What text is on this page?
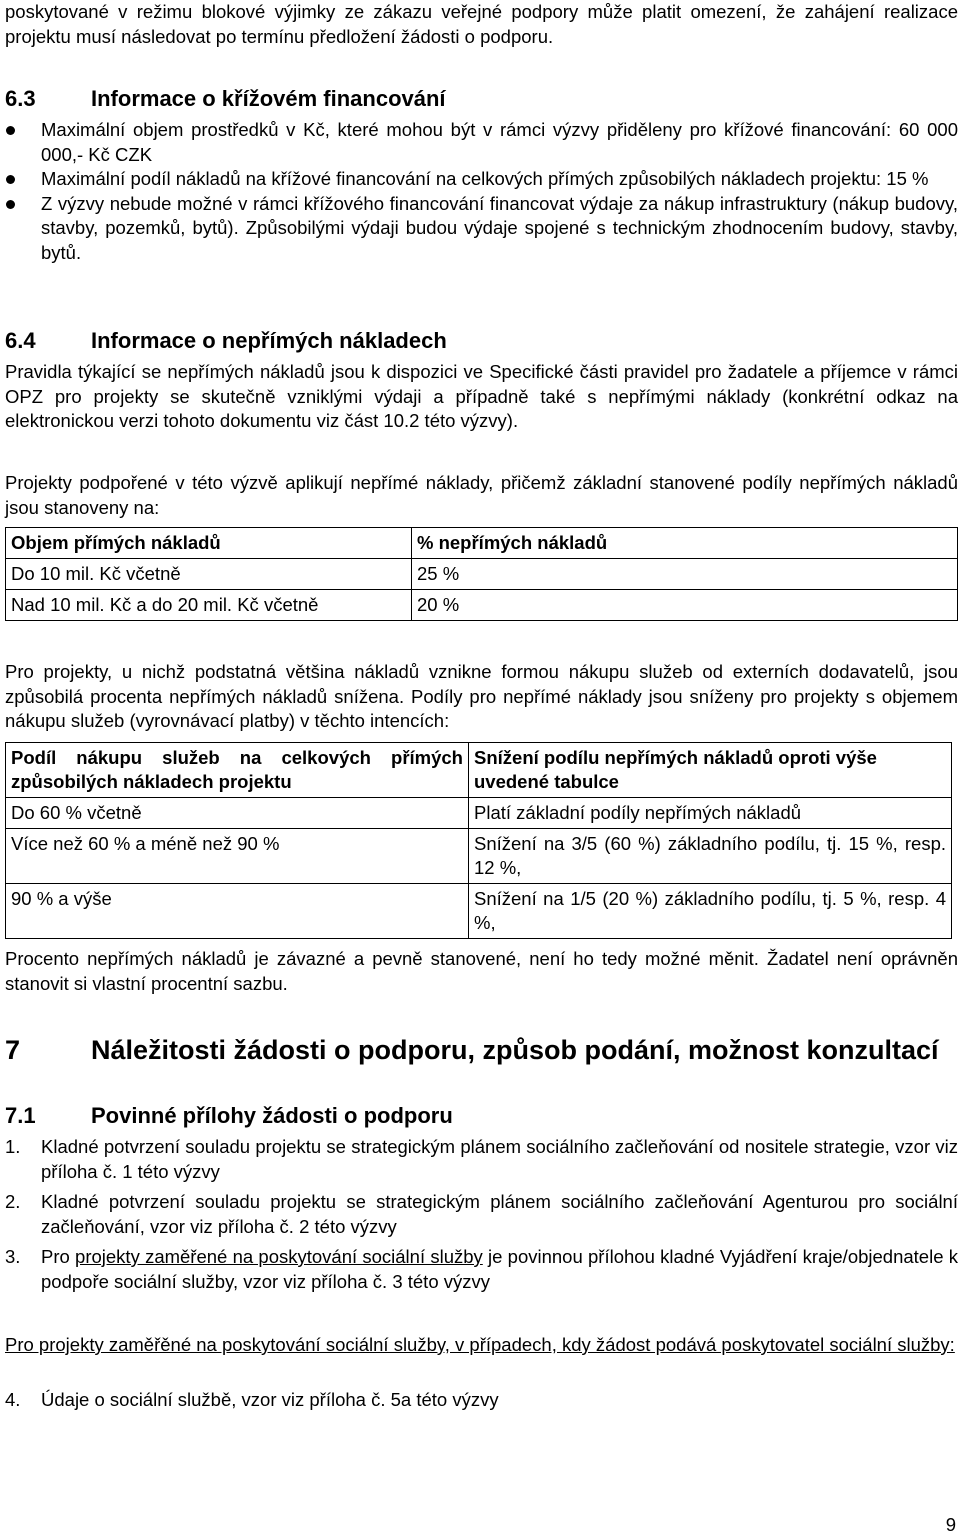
poskytované v režimu blokové výjimky ze zákazu veřejné podpory může platit omezení, že zahájení realizace projektu musí následovat po termínu předložení žádosti o podporu.

6.3	Informace o křížovém financování
Maximální objem prostředků v Kč, které mohou být v rámci výzvy přiděleny pro křížové financování: 60 000 000,- Kč CZK
Maximální podíl nákladů na křížové financování na celkových přímých způsobilých nákladech projektu: 15 %
Z výzvy nebude možné v rámci křížového financování financovat výdaje za nákup infrastruktury (nákup budovy, stavby, pozemků, bytů). Způsobilými výdaji budou výdaje spojené s technickým zhodnocením budovy, stavby, bytů.
6.4	Informace o nepřímých nákladech

Pravidla týkající se nepřímých nákladů jsou k dispozici ve Specifické části pravidel pro žadatele a příjemce v rámci OPZ pro projekty se skutečně vzniklými výdaji a případně také s nepřímými náklady (konkrétní odkaz na elektronickou verzi tohoto dokumentu viz část 10.2 této výzvy).

Projekty podpořené v této výzvě aplikují nepřímé náklady, přičemž základní stanovené podíly nepřímých nákladů jsou stanoveny na:

Objem přímých nákladů	% nepřímých nákladů
Do 10 mil. Kč včetně	25 %
Nad 10 mil. Kč a do 20 mil. Kč včetně	20 %

Pro projekty, u nichž podstatná většina nákladů vznikne formou nákupu služeb od externích dodavatelů, jsou způsobilá procenta nepřímých nákladů snížena. Podíly pro nepřímé náklady jsou sníženy pro projekty s objemem nákupu služeb (vyrovnávací platby) v těchto intencích:

Podíl nákupu služeb na celkových přímých způsobilých nákladech projektu	Snížení podílu nepřímých nákladů oproti výše uvedené tabulce
Do 60 % včetně	Platí základní podíly nepřímých nákladů
Více než 60 % a méně než 90 %	Snížení na 3/5 (60 %) základního podílu, tj. 15 %, resp. 12 %,
90 % a výše	Snížení na 1/5 (20 %) základního podílu, tj. 5 %, resp. 4 %,

Procento nepřímých nákladů je závazné a pevně stanovené, není ho tedy možné měnit. Žadatel není oprávněn stanovit si vlastní procentní sazbu.

7	Náležitosti žádosti o podporu, způsob podání, možnost konzultací
7.1	Povinné přílohy žádosti o podporu
1. Kladné potvrzení souladu projektu se strategickým plánem sociálního začleňování od nositele strategie, vzor viz příloha č. 1 této výzvy
2. Kladné potvrzení souladu projektu se strategickým plánem sociálního začleňování Agenturou pro sociální začleňování, vzor viz příloha č. 2 této výzvy
3. Pro projekty zaměřené na poskytování sociální služby je povinnou přílohou kladné Vyjádření kraje/objednatele k podpoře sociální služby, vzor viz příloha č. 3 této výzvy

Pro projekty zaměřěné na poskytování sociální služby, v případech, kdy žádost podává poskytovatel sociální služby:

4. Údaje o sociální službě, vzor viz příloha č. 5a této výzvy
9
